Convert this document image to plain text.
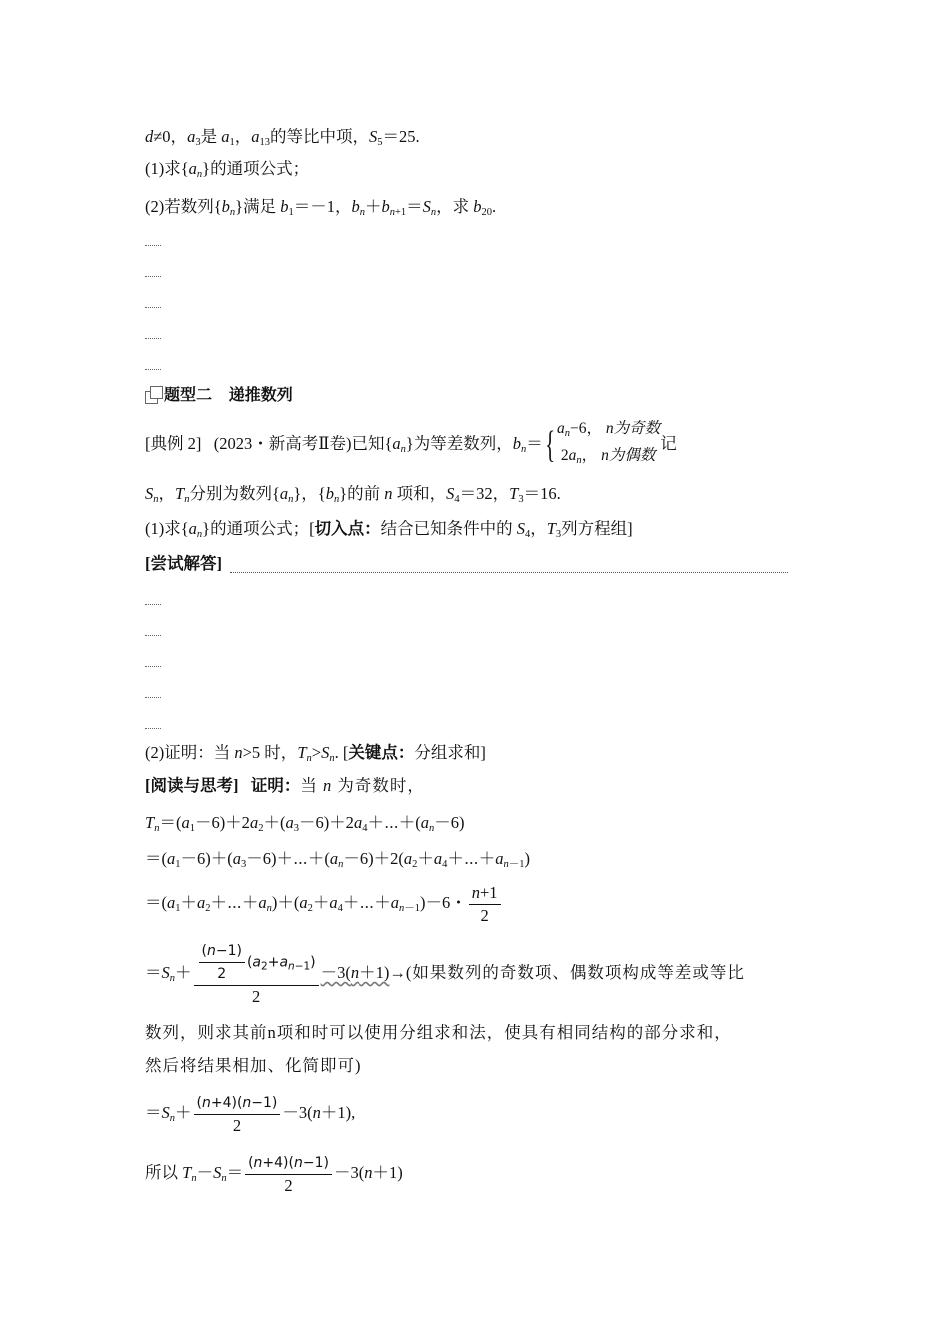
d≠0，$a_3$是 $a_1$，$a_{13}$的等比中项，$S_5=25$.
(1)求$\{a_n\}$的通项公式；
(2)若数列$\{b_n\}$满足 $b_1=-1$，$b_n+b_{n+1}=S_n$，求 $b_{20}$.
题型二 递推数列
[典例 2]   (2023・新高考Ⅱ卷)已知$\{a_n\}$为等差数列，$b_n=${ $a_n-6$， n为奇数
$2a_n$， n为偶数
记
$S_n$，$T_n$分别为数列$\{a_n\}$，$\{b_n\}$的前 n 项和，$S_4=32$，$T_3=16$.
(1)求$\{a_n\}$的通项公式；[切入点：结合已知条件中的 $S_4$，$T_3$列方程组]
[尝试解答]
(2)证明：当 n>5 时，$T_n>S_n$. [关键点：分组求和]
[阅读与思考] 证明：当 n 为奇数时，
$T_n=(a_1-6)+2a_2+(a_3-6)+2a_4+\cdots+(a_n-6)$
$=(a_1-6)+(a_3-6)+\cdots+(a_n-6)+2(a_2+a_4+\cdots+a_{n-1})$
$=(a_1+a_2+\cdots+a_n)+(a_2+a_4+\cdots+a_{n-1})-6$・ $\frac{n+1}{2}$
$=S_n+ \frac{\frac{(n-1)}{2} (a_2+a_{n-1})}{2} -3(n+1)\to$(如果数列的奇数项、偶数项构成等差或等比
数列，则求其前n项和时可以使用分组求和法，使具有相同结构的部分求和，
然后将结果相加、化简即可)
$=S_n+ \frac{(n+4)(n-1)}{2} -3(n+1)$,
所以 $T_n-S_n= \frac{(n+4)(n-1)}{2} -3(n+1)$
